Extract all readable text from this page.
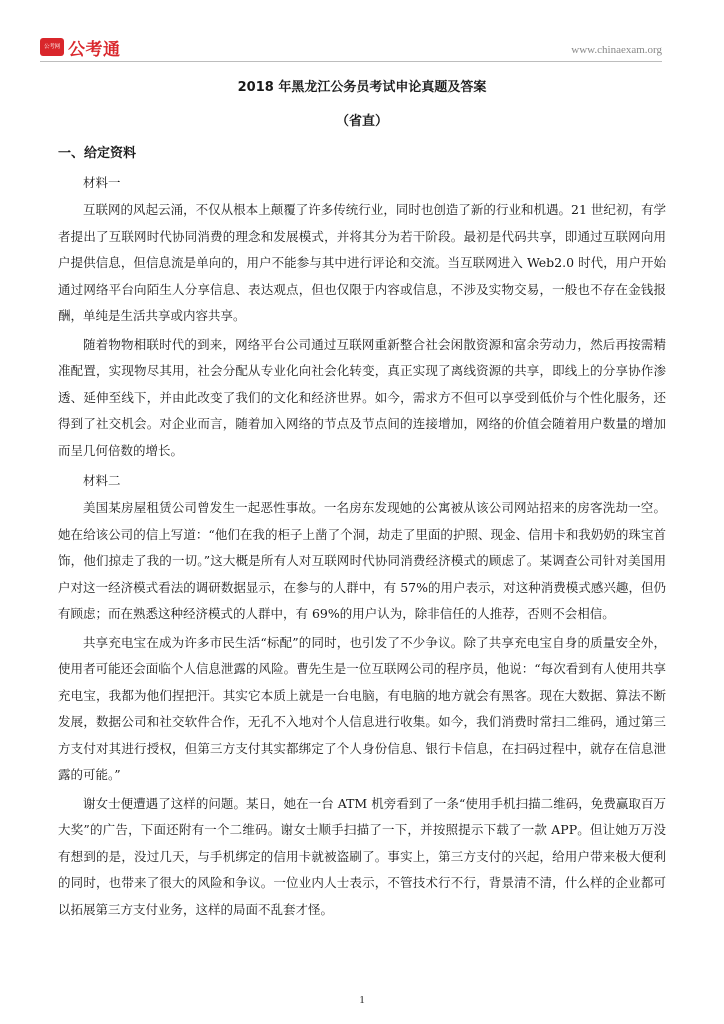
公考网 公考通	www.chinaexam.org
2018 年黑龙江公务员考试申论真题及答案
（省直）
一、给定资料
材料一

互联网的风起云涌，不仅从根本上颠覆了许多传统行业，同时也创造了新的行业和机遇。21 世纪初，有学者提出了互联网时代协同消费的理念和发展模式，并将其分为若干阶段。最初是代码共享，即通过互联网向用户提供信息，但信息流是单向的，用户不能参与其中进行评论和交流。当互联网进入 Web2.0 时代，用户开始通过网络平台向陌生人分享信息、表达观点，但也仅限于内容或信息，不涉及实物交易，一般也不存在金钱报酬，单纯是生活共享或内容共享。

随着物物相联时代的到来，网络平台公司通过互联网重新整合社会闲散资源和富余劳动力，然后再按需精准配置，实现物尽其用，社会分配从专业化向社会化转变，真正实现了离线资源的共享，即线上的分享协作渗透、延伸至线下，并由此改变了我们的文化和经济世界。如今，需求方不但可以享受到低价与个性化服务，还得到了社交机会。对企业而言，随着加入网络的节点及节点间的连接增加，网络的价值会随着用户数量的增加而呈几何倍数的增长。

材料二

美国某房屋租赁公司曾发生一起恶性事故。一名房东发现她的公寓被从该公司网站招来的房客洗劫一空。她在给该公司的信上写道：“他们在我的柜子上凿了个洞，劫走了里面的护照、现金、信用卡和我奶奶的珠宝首饰，他们掠走了我的一切。”这大概是所有人对互联网时代协同消费经济模式的顾虑了。某调查公司针对美国用户对这一经济模式看法的调研数据显示，在参与的人群中，有 57%的用户表示，对这种消费模式感兴趣，但仍有顾虑；而在熟悉这种经济模式的人群中，有 69%的用户认为，除非信任的人推荐，否则不会相信。

共享充电宝在成为许多市民生活“标配”的同时，也引发了不少争议。除了共享充电宝自身的质量安全外，使用者可能还会面临个人信息泄露的风险。曹先生是一位互联网公司的程序员，他说：“每次看到有人使用共享充电宝，我都为他们捏把汗。其实它本质上就是一台电脑，有电脑的地方就会有黑客。现在大数据、算法不断发展，数据公司和社交软件合作，无孔不入地对个人信息进行收集。如今，我们消费时常扫二维码，通过第三方支付对其进行授权，但第三方支付其实都绑定了个人身份信息、银行卡信息，在扫码过程中，就存在信息泄露的可能。”

谢女士便遭遇了这样的问题。某日，她在一台 ATM 机旁看到了一条“使用手机扫描二维码，免费赢取百万大奖”的广告，下面还附有一个二维码。谢女士顺手扫描了一下，并按照提示下载了一款 APP。但让她万万没有想到的是，没过几天，与手机绑定的信用卡就被盗刷了。事实上，第三方支付的兴起，给用户带来极大便利的同时，也带来了很大的风险和争议。一位业内人士表示，不管技术行不行，背景清不清，什么样的企业都可以拓展第三方支付业务，这样的局面不乱套才怪。

1
